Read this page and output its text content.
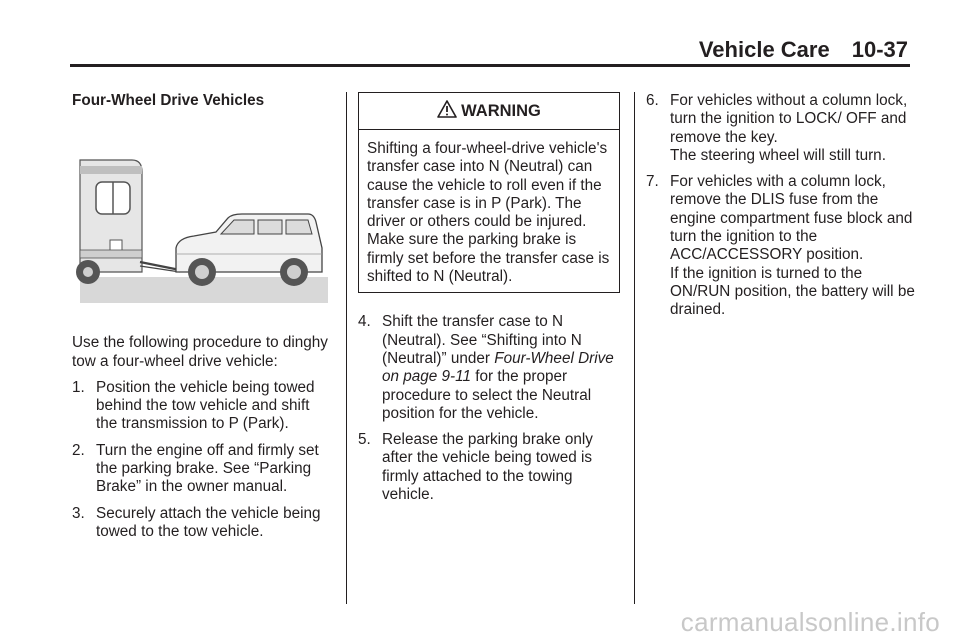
Vehicle Care 10-37

Four-Wheel Drive Vehicles

Use the following procedure to dinghy tow a four-wheel drive vehicle:

1. Position the vehicle being towed behind the tow vehicle and shift the transmission to P (Park).
2. Turn the engine off and firmly set the parking brake. See “Parking Brake” in the owner manual.
3. Securely attach the vehicle being towed to the tow vehicle.
WARNING
Shifting a four-wheel-drive vehicle's transfer case into N (Neutral) can cause the vehicle to roll even if the transfer case is in P (Park). The driver or others could be injured. Make sure the parking brake is firmly set before the transfer case is shifted to N (Neutral).
4. Shift the transfer case to N (Neutral). See “Shifting into N (Neutral)” under Four-Wheel Drive on page 9-11 for the proper procedure to select the Neutral position for the vehicle.
5. Release the parking brake only after the vehicle being towed is firmly attached to the towing vehicle.
6. For vehicles without a column lock, turn the ignition to LOCK/ OFF and remove the key.
The steering wheel will still turn.
7. For vehicles with a column lock, remove the DLIS fuse from the engine compartment fuse block and turn the ignition to the ACC/ACCESSORY position.
If the ignition is turned to the ON/RUN position, the battery will be drained.
carmanualsonline.info
